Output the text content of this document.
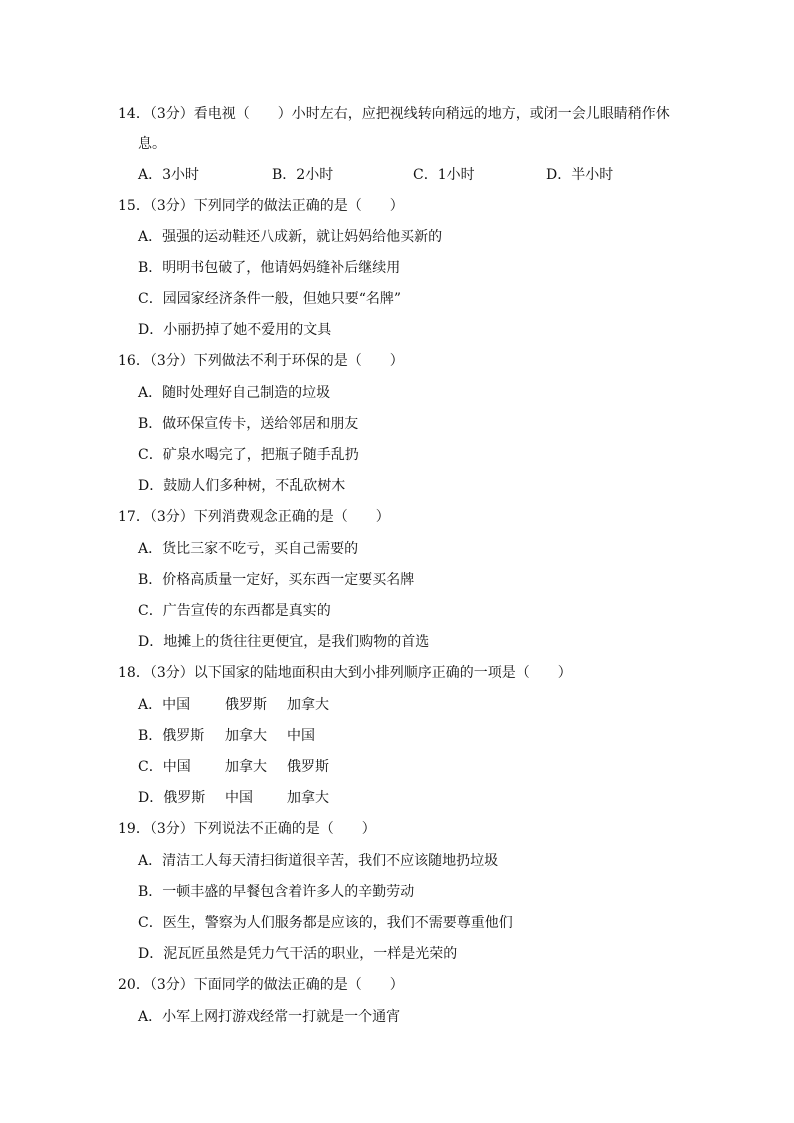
14．（3分）看电视（　　）小时左右，应把视线转向稍远的地方，或闭一会儿眼睛稍作休
息。
A．3小时	B．2小时	C．1小时	D．半小时
15．（3分）下列同学的做法正确的是（　　）
A．强强的运动鞋还八成新，就让妈妈给他买新的
B．明明书包破了，他请妈妈缝补后继续用
C．园园家经济条件一般，但她只要“名牌”
D．小丽扔掉了她不爱用的文具
16．（3分）下列做法不利于环保的是（　　）
A．随时处理好自己制造的垃圾
B．做环保宣传卡，送给邻居和朋友
C．矿泉水喝完了，把瓶子随手乱扔
D．鼓励人们多种树，不乱砍树木
17．（3分）下列消费观念正确的是（　　）
A．货比三家不吃亏，买自己需要的
B．价格高质量一定好，买东西一定要买名牌
C．广告宣传的东西都是真实的
D．地摊上的货往往更便宜，是我们购物的首选
18．（3分）以下国家的陆地面积由大到小排列顺序正确的一项是（　　）
A．中国 俄罗斯 加拿大
B．俄罗斯 加拿大 中国
C．中国 加拿大 俄罗斯
D．俄罗斯 中国 加拿大
19．（3分）下列说法不正确的是（　　）
A．清洁工人每天清扫街道很辛苦，我们不应该随地扔垃圾
B．一顿丰盛的早餐包含着许多人的辛勤劳动
C．医生，警察为人们服务都是应该的，我们不需要尊重他们
D．泥瓦匠虽然是凭力气干活的职业，一样是光荣的
20．（3分）下面同学的做法正确的是（　　）
A．小军上网打游戏经常一打就是一个通宵
